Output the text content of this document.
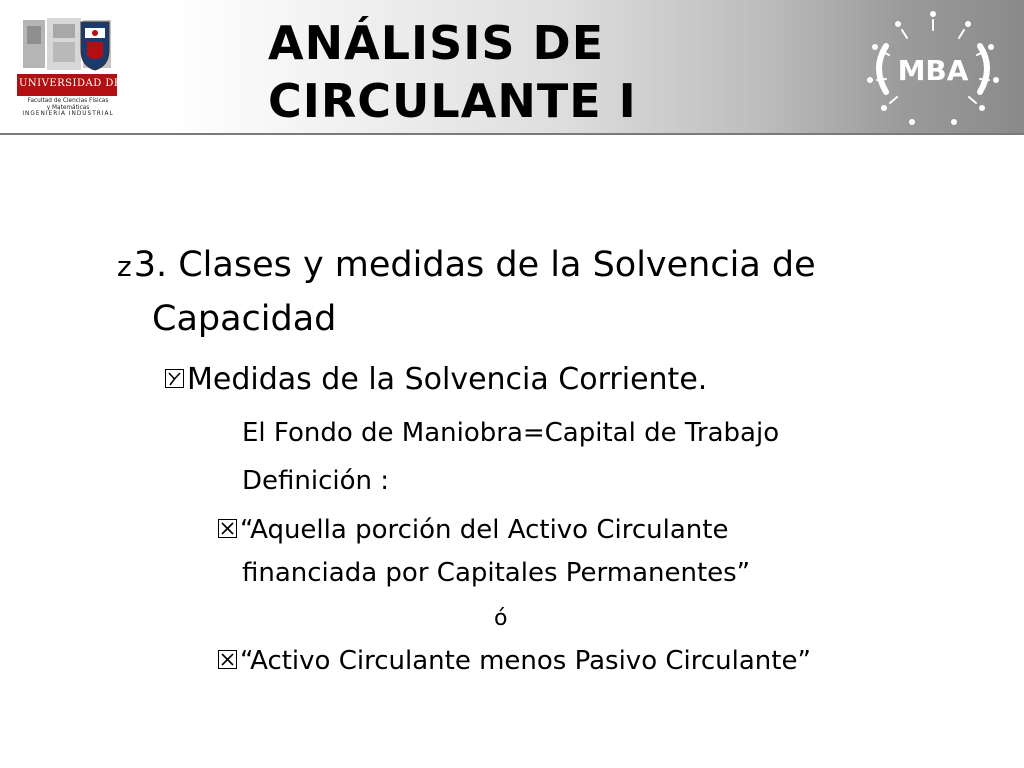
UNIVERSIDAD DE CHILE
Facultad de Ciencias Físicas
y Matemáticas
INGENIERÍA INDUSTRIAL
ANÁLISIS DE
CIRCULANTE I
MBA
z3. Clases y medidas de la Solvencia de
Capacidad
Medidas de la Solvencia Corriente.
El Fondo de Maniobra=Capital de Trabajo
Definición :
“Aquella porción del Activo Circulante
financiada por Capitales Permanentes”
ó
“Activo Circulante menos Pasivo Circulante”
